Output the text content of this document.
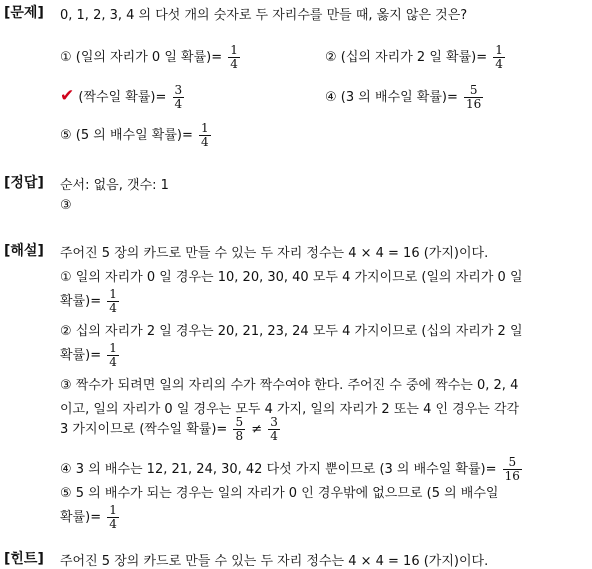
[문제] 0, 1, 2, 3, 4 의 다섯 개의 숫자로 두 자리수를 만들 때, 옳지 않은 것은?
① (일의 자리가 0 일 확률)= $\frac{1}{4}$	② (십의 자리가 2 일 확률)= $\frac{1}{4}$
✔ (짝수일 확률)= $\frac{3}{4}$	④ (3 의 배수일 확률)= $\frac{5}{16}$
⑤ (5 의 배수일 확률)= $\frac{1}{4}$
[정답] 순서: 없음, 갯수: 1
③
[해설] 주어진 5 장의 카드로 만들 수 있는 두 자리 정수는 4 × 4 = 16 (가지)이다.
① 일의 자리가 0 일 경우는 10, 20, 30, 40 모두 4 가지이므로 (일의 자리가 0 일
확률)= $\frac{1}{4}$
② 십의 자리가 2 일 경우는 20, 21, 23, 24 모두 4 가지이므로 (십의 자리가 2 일
확률)= $\frac{1}{4}$
③ 짝수가 되려면 일의 자리의 수가 짝수여야 한다. 주어진 수 중에 짝수는 0, 2, 4
이고, 일의 자리가 0 일 경우는 모두 4 가지, 일의 자리가 2 또는 4 인 경우는 각각
3 가지이므로 (짝수일 확률)= $\frac{5}{8} \ne \frac{3}{4}$
④ 3 의 배수는 12, 21, 24, 30, 42 다섯 가지 뿐이므로 (3 의 배수일 확률)= $\frac{5}{16}$
⑤ 5 의 배수가 되는 경우는 일의 자리가 0 인 경우밖에 없으므로 (5 의 배수일
확률)= $\frac{1}{4}$
[힌트] 주어진 5 장의 카드로 만들 수 있는 두 자리 정수는 4 × 4 = 16 (가지)이다.
